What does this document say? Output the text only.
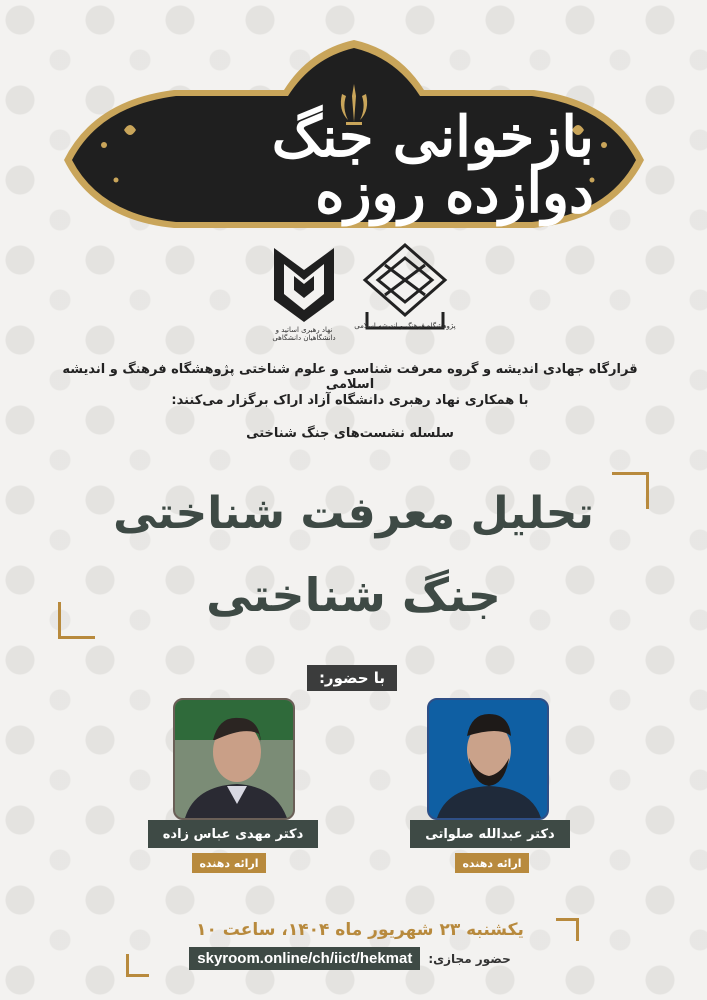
بازخوانی جنگ دوازده روزه
پژوهشگاه فرهنگ و اندیشه اسلامی
نهاد رهبری اساتید و دانشگاهیان دانشگاهی
قرارگاه جهادی اندیشه و گروه معرفت شناسی و علوم شناختی پژوهشگاه فرهنگ و اندیشه اسلامی
با همکاری نهاد رهبری دانشگاه آزاد اراک برگزار می‌کنند:
سلسله نشست‌های جنگ شناختی
تحلیل معرفت شناختی
جنگ شناختی
با حضور:
دکتر مهدی عباس زاده	دکتر عبدالله صلواتی
ارائه دهنده	ارائه دهنده
یکشنبه ۲۳ شهریور ماه ۱۴۰۴، ساعت ۱۰
skyroom.online/ch/iict/hekmat	حضور مجازی:
